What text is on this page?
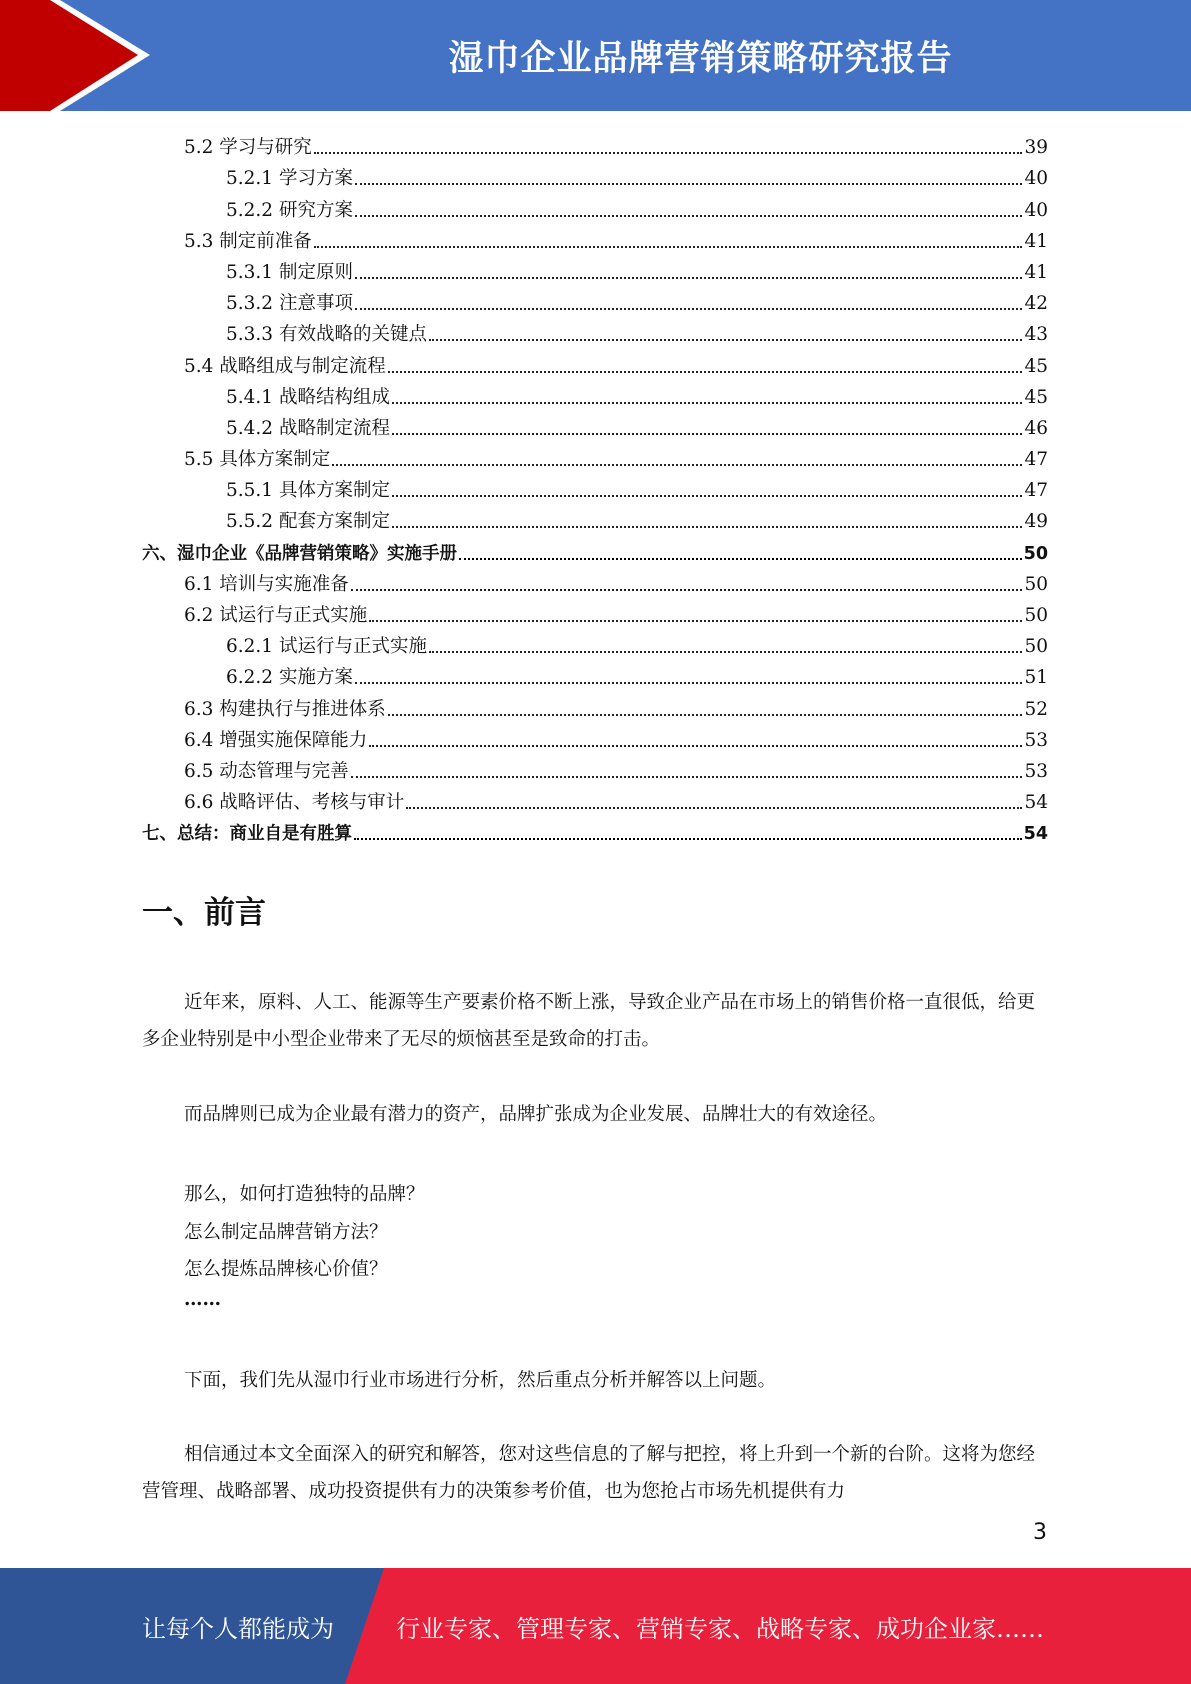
湿巾企业品牌营销策略研究报告
5.2 学习与研究	39
5.2.1 学习方案	40
5.2.2 研究方案	40
5.3 制定前准备	41
5.3.1 制定原则	41
5.3.2 注意事项	42
5.3.3 有效战略的关键点	43
5.4 战略组成与制定流程	45
5.4.1 战略结构组成	45
5.4.2 战略制定流程	46
5.5 具体方案制定	47
5.5.1 具体方案制定	47
5.5.2 配套方案制定	49
六、湿巾企业《品牌营销策略》实施手册	50
6.1 培训与实施准备	50
6.2 试运行与正式实施	50
6.2.1 试运行与正式实施	50
6.2.2 实施方案	51
6.3 构建执行与推进体系	52
6.4 增强实施保障能力	53
6.5 动态管理与完善	53
6.6 战略评估、考核与审计	54
七、总结：商业自是有胜算	54
一、前言
近年来，原料、人工、能源等生产要素价格不断上涨，导致企业产品在市场上的销售价格一直很低，给更多企业特别是中小型企业带来了无尽的烦恼甚至是致命的打击。
而品牌则已成为企业最有潜力的资产，品牌扩张成为企业发展、品牌壮大的有效途径。
那么，如何打造独特的品牌？
怎么制定品牌营销方法？
怎么提炼品牌核心价值？
……
下面，我们先从湿巾行业市场进行分析，然后重点分析并解答以上问题。
相信通过本文全面深入的研究和解答，您对这些信息的了解与把控，将上升到一个新的台阶。这将为您经营管理、战略部署、成功投资提供有力的决策参考价值，也为您抢占市场先机提供有力
3
让每个人都能成为	行业专家、管理专家、营销专家、战略专家、成功企业家……
